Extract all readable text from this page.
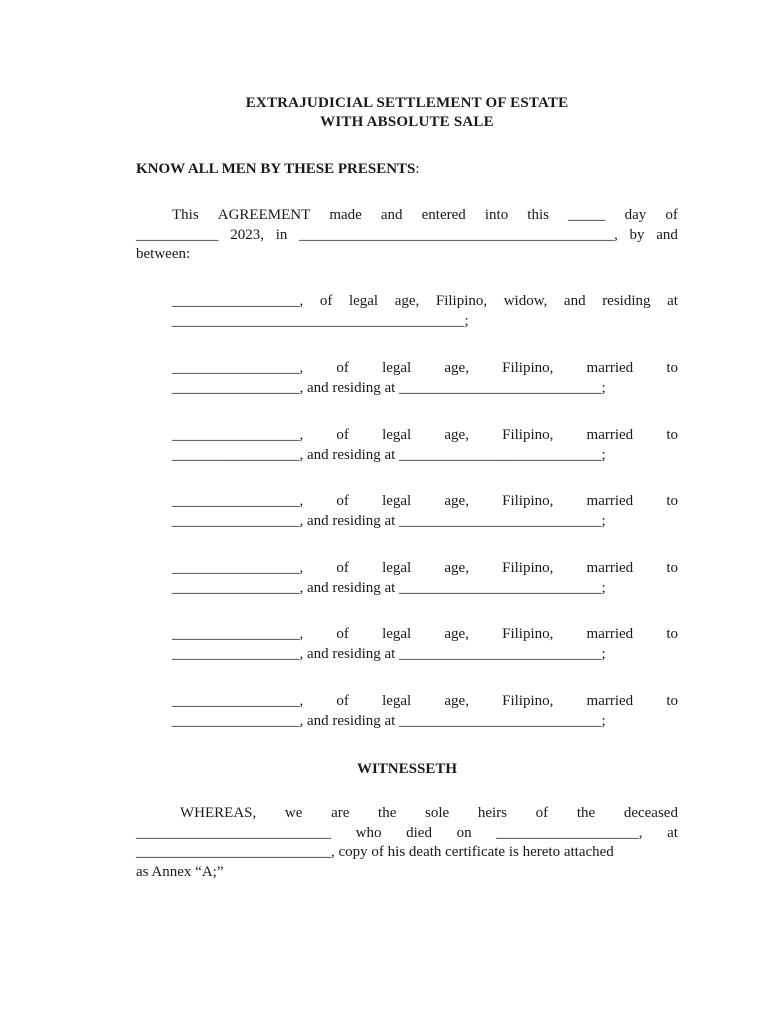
EXTRAJUDICIAL SETTLEMENT OF ESTATE
WITH ABSOLUTE SALE
KNOW ALL MEN BY THESE PRESENTS:
This AGREEMENT made and entered into this _____ day of
___________ 2023, in __________________________________________, by and
between:
_________________, of legal age, Filipino, widow, and residing at
_______________________________________;
_________________, of legal age, Filipino, married to
_________________, and residing at ___________________________;
_________________, of legal age, Filipino, married to
_________________, and residing at ___________________________;
_________________, of legal age, Filipino, married to
_________________, and residing at ___________________________;
_________________, of legal age, Filipino, married to
_________________, and residing at ___________________________;
_________________, of legal age, Filipino, married to
_________________, and residing at ___________________________;
_________________, of legal age, Filipino, married to
_________________, and residing at ___________________________;
WITNESSETH
WHEREAS, we are the sole heirs of the deceased
__________________________ who died on ___________________, at
__________________________, copy of his death certificate is hereto attached
as Annex “A;”
